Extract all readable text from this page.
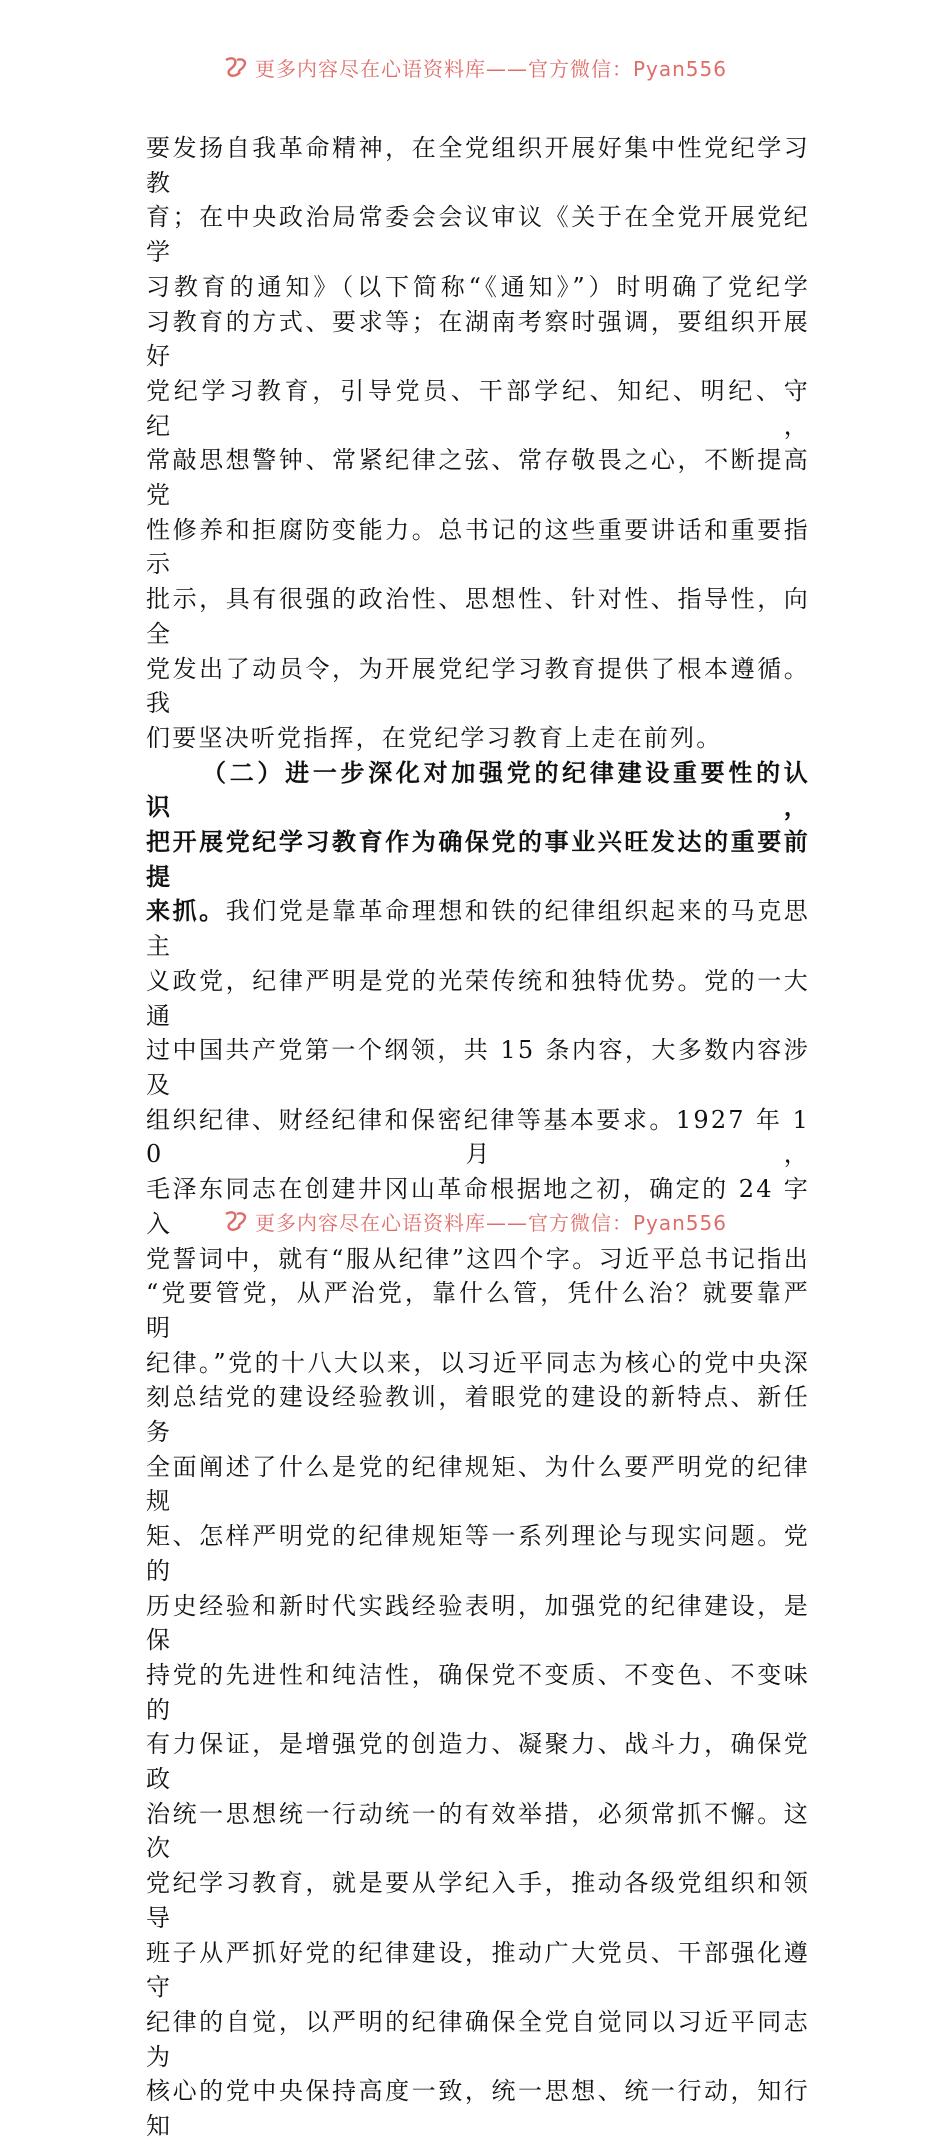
更多内容尽在心语资料库——官方微信：Pyan556

要发扬自我革命精神，在全党组织开展好集中性党纪学习教

育；在中央政治局常委会会议审议《关于在全党开展党纪学

习教育的通知》（以下简称“《通知》”）时明确了党纪学

习教育的方式、要求等；在湖南考察时强调，要组织开展好

党纪学习教育，引导党员、干部学纪、知纪、明纪、守纪，

常敲思想警钟、常紧纪律之弦、常存敬畏之心，不断提高党

性修养和拒腐防变能力。总书记的这些重要讲话和重要指示

批示，具有很强的政治性、思想性、针对性、指导性，向全

党发出了动员令，为开展党纪学习教育提供了根本遵循。我

们要坚决听党指挥，在党纪学习教育上走在前列。

（二）进一步深化对加强党的纪律建设重要性的认识，

把开展党纪学习教育作为确保党的事业兴旺发达的重要前提

来抓。我们党是靠革命理想和铁的纪律组织起来的马克思主

义政党，纪律严明是党的光荣传统和独特优势。党的一大通

过中国共产党第一个纲领，共 15 条内容，大多数内容涉及

组织纪律、财经纪律和保密纪律等基本要求。1927 年 10 月，

毛泽东同志在创建井冈山革命根据地之初，确定的 24 字入

党誓词中，就有“服从纪律”这四个字。习近平总书记指出

“党要管党，从严治党，靠什么管，凭什么治？就要靠严明

纪律。”党的十八大以来，以习近平同志为核心的党中央深

刻总结党的建设经验教训，着眼党的建设的新特点、新任务

全面阐述了什么是党的纪律规矩、为什么要严明党的纪律规

矩、怎样严明党的纪律规矩等一系列理论与现实问题。党的

历史经验和新时代实践经验表明，加强党的纪律建设，是保

持党的先进性和纯洁性，确保党不变质、不变色、不变味的

有力保证，是增强党的创造力、凝聚力、战斗力，确保党政

治统一思想统一行动统一的有效举措，必须常抓不懈。这次

党纪学习教育，就是要从学纪入手，推动各级党组织和领导

班子从严抓好党的纪律建设，推动广大党员、干部强化遵守

纪律的自觉，以严明的纪律确保全党自觉同以习近平同志为

核心的党中央保持高度一致，统一思想、统一行动，知行知

更多内容尽在心语资料库——官方微信：Pyan556
